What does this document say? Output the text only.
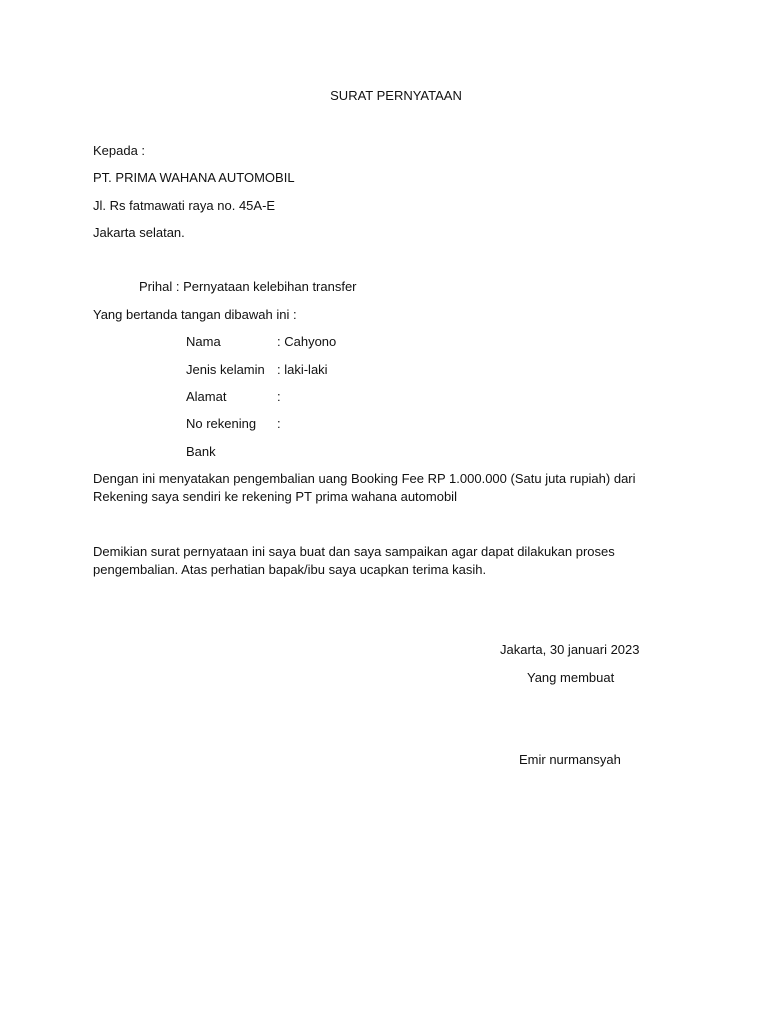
SURAT PERNYATAAN
Kepada :
PT. PRIMA WAHANA AUTOMOBIL
Jl. Rs fatmawati raya no. 45A-E
Jakarta selatan.
Prihal : Pernyataan kelebihan transfer
Yang bertanda tangan dibawah ini :
Nama	: Cahyono
Jenis kelamin : laki-laki
Alamat	:
No rekening :
Bank
Dengan ini menyatakan pengembalian uang Booking Fee RP 1.000.000 (Satu juta rupiah) dari
Rekening saya sendiri ke rekening PT prima wahana automobil
Demikian surat pernyataan ini saya buat dan saya sampaikan agar dapat dilakukan proses
pengembalian. Atas perhatian bapak/ibu saya ucapkan terima kasih.
Jakarta, 30 januari 2023
Yang membuat
Emir nurmansyah
